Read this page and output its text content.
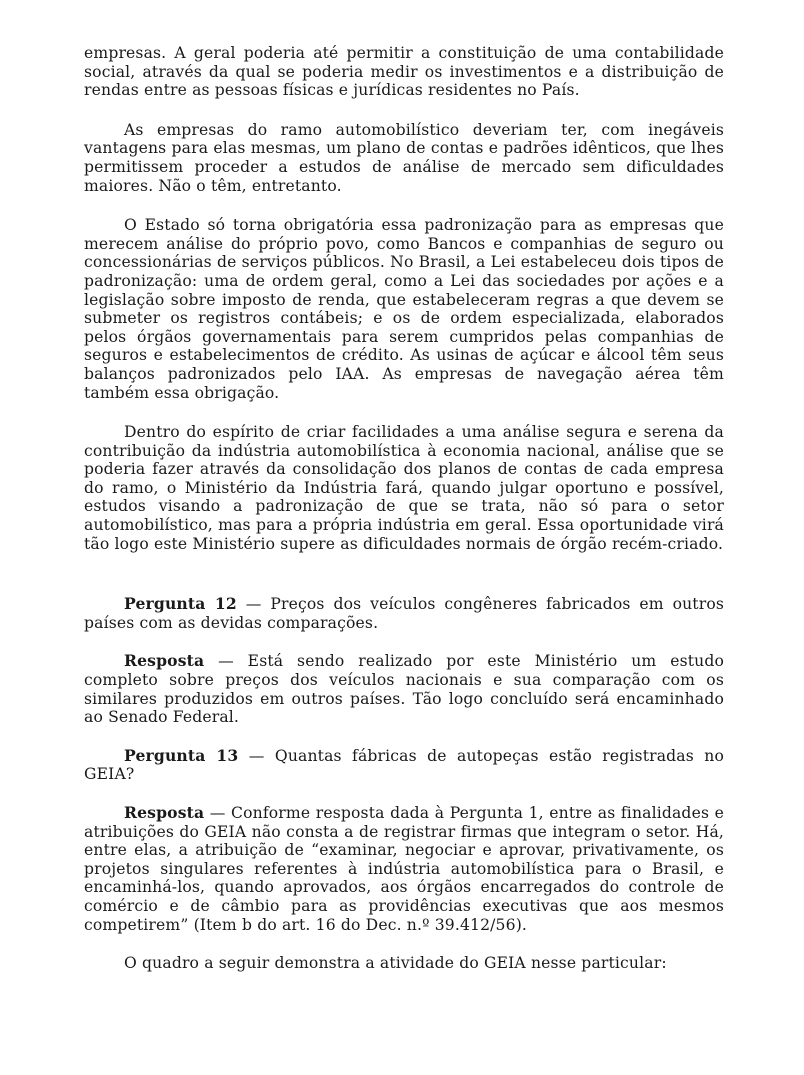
empresas. A geral poderia até permitir a constituição de uma contabilidade social, através da qual se poderia medir os investimentos e a distribuição de rendas entre as pessoas físicas e jurídicas residentes no País.

As empresas do ramo automobilístico deveriam ter, com inegáveis vantagens para elas mesmas, um plano de contas e padrões idênticos, que lhes permitissem proceder a estudos de análise de mercado sem dificuldades maiores. Não o têm, entretanto.

O Estado só torna obrigatória essa padronização para as empresas que merecem análise do próprio povo, como Bancos e companhias de seguro ou concessionárias de serviços públicos. No Brasil, a Lei estabeleceu dois tipos de padronização: uma de ordem geral, como a Lei das sociedades por ações e a legislação sobre imposto de renda, que estabeleceram regras a que devem se submeter os registros contábeis; e os de ordem especializada, elaborados pelos órgãos governamentais para serem cumpridos pelas companhias de seguros e estabelecimentos de crédito. As usinas de açúcar e álcool têm seus balanços padronizados pelo IAA. As empresas de navegação aérea têm também essa obrigação.

Dentro do espírito de criar facilidades a uma análise segura e serena da contribuição da indústria automobilística à economia nacional, análise que se poderia fazer através da consolidação dos planos de contas de cada empresa do ramo, o Ministério da Indústria fará, quando julgar oportuno e possível, estudos visando a padronização de que se trata, não só para o setor automobilístico, mas para a própria indústria em geral. Essa oportunidade virá tão logo este Ministério supere as dificuldades normais de órgão recém-criado.

Pergunta 12 — Preços dos veículos congêneres fabricados em outros países com as devidas comparações.

Resposta — Está sendo realizado por este Ministério um estudo completo sobre preços dos veículos nacionais e sua comparação com os similares produzidos em outros países. Tão logo concluído será encaminhado ao Senado Federal.

Pergunta 13 — Quantas fábricas de autopeças estão registradas no GEIA?

Resposta — Conforme resposta dada à Pergunta 1, entre as finalidades e atribuições do GEIA não consta a de registrar firmas que integram o setor. Há, entre elas, a atribuição de “examinar, negociar e aprovar, privativamente, os projetos singulares referentes à indústria automobilística para o Brasil, e encaminhá-los, quando aprovados, aos órgãos encarregados do controle de comércio e de câmbio para as providências executivas que aos mesmos competirem” (Item b do art. 16 do Dec. n.º 39.412/56).

O quadro a seguir demonstra a atividade do GEIA nesse particular:
